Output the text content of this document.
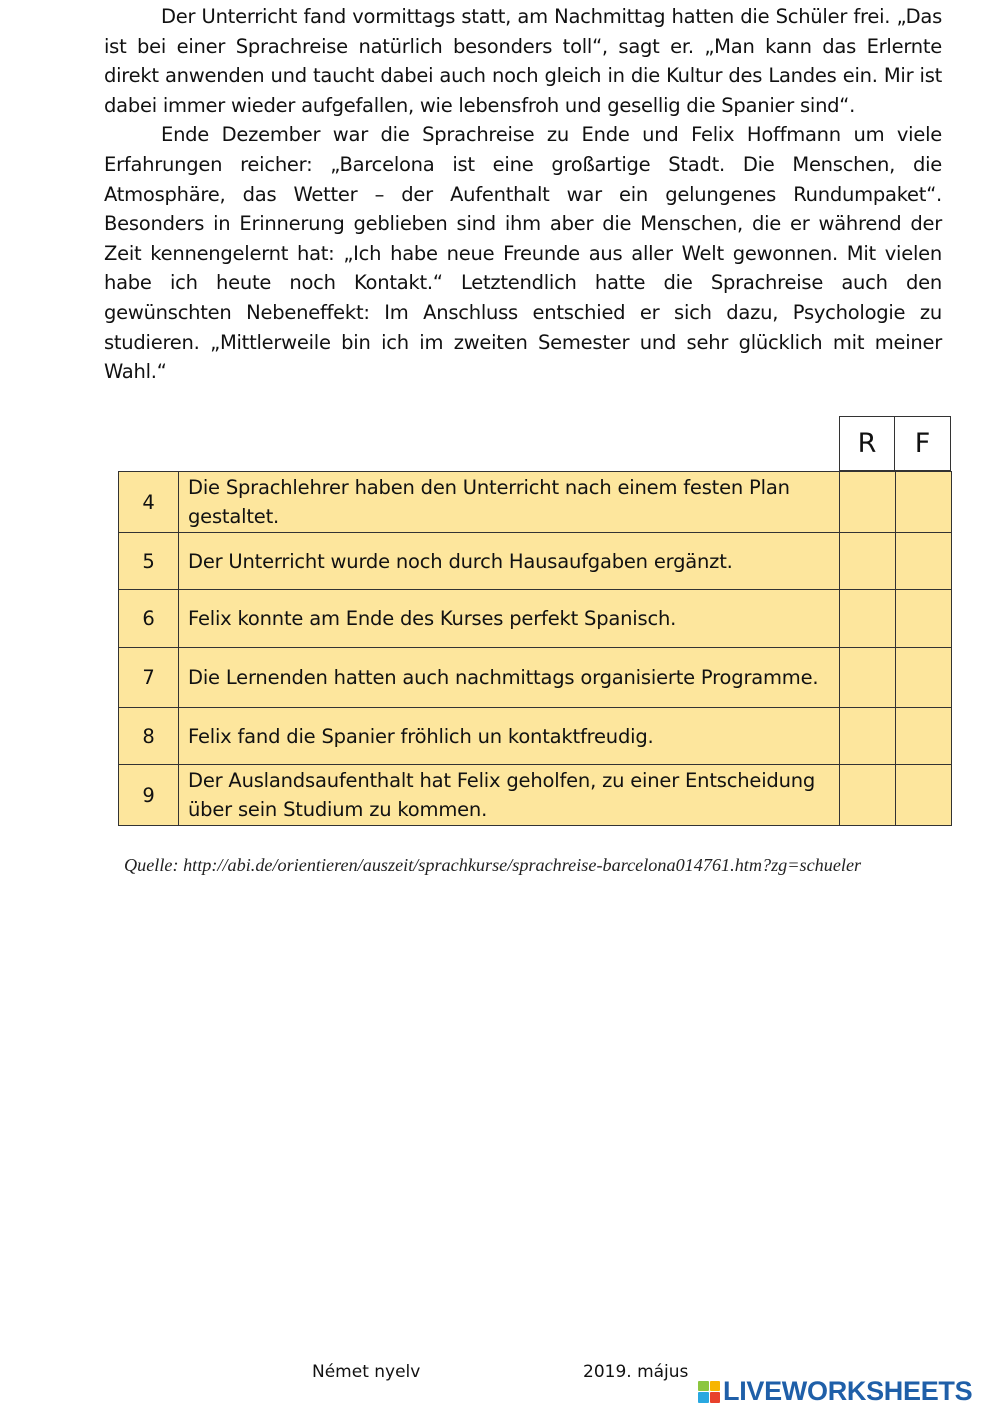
Der Unterricht fand vormittags statt, am Nachmittag hatten die Schüler frei. „Das ist bei einer Sprachreise natürlich besonders toll“, sagt er. „Man kann das Erlernte direkt anwenden und taucht dabei auch noch gleich in die Kultur des Landes ein. Mir ist dabei immer wieder aufgefallen, wie lebensfroh und gesellig die Spanier sind“.

Ende Dezember war die Sprachreise zu Ende und Felix Hoffmann um viele Erfahrungen reicher: „Barcelona ist eine großartige Stadt. Die Menschen, die Atmosphäre, das Wetter – der Aufenthalt war ein gelungenes Rundumpaket“. Besonders in Erinnerung geblieben sind ihm aber die Menschen, die er während der Zeit kennengelernt hat: „Ich habe neue Freunde aus aller Welt gewonnen. Mit vielen habe ich heute noch Kontakt.“ Letztendlich hatte die Sprachreise auch den gewünschten Nebeneffekt: Im Anschluss entschied er sich dazu, Psychologie zu studieren. „Mittlerweile bin ich im zweiten Semester und sehr glücklich mit meiner Wahl.“

R	F
4	Die Sprachlehrer haben den Unterricht nach einem festen Plan gestaltet.		
5	Der Unterricht wurde noch durch Hausaufgaben ergänzt.		
6	Felix konnte am Ende des Kurses perfekt Spanisch.		
7	Die Lernenden hatten auch nachmittags organisierte Programme.		
8	Felix fand die Spanier fröhlich un kontaktfreudig.		
9	Der Auslandsaufenthalt hat Felix geholfen, zu einer Entscheidung über sein Studium zu kommen.		
Quelle: http://abi.de/orientieren/auszeit/sprachkurse/sprachreise-barcelona014761.htm?zg=schueler
Német nyelv	2019. május
LIVEWORKSHEETS
